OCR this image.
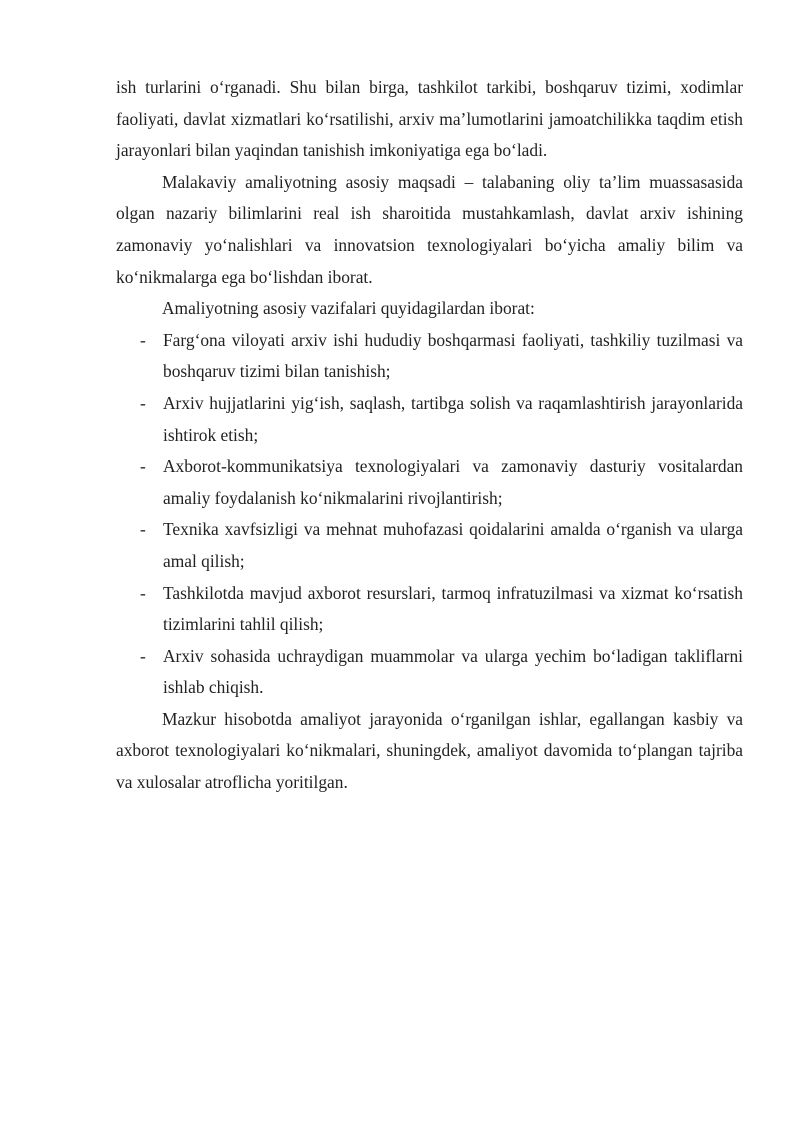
ish turlarini o‘rganadi. Shu bilan birga, tashkilot tarkibi, boshqaruv tizimi, xodimlar faoliyati, davlat xizmatlari ko‘rsatilishi, arxiv ma’lumotlarini jamoatchilikka taqdim etish jarayonlari bilan yaqindan tanishish imkoniyatiga ega bo‘ladi.

Malakaviy amaliyotning asosiy maqsadi – talabaning oliy ta’lim muassasasida olgan nazariy bilimlarini real ish sharoitida mustahkamlash, davlat arxiv ishining zamonaviy yo‘nalishlari va innovatsion texnologiyalari bo‘yicha amaliy bilim va ko‘nikmalarga ega bo‘lishdan iborat.

Amaliyotning asosiy vazifalari quyidagilardan iborat:

- Farg‘ona viloyati arxiv ishi hududiy boshqarmasi faoliyati, tashkiliy tuzilmasi va boshqaruv tizimi bilan tanishish;
- Arxiv hujjatlarini yig‘ish, saqlash, tartibga solish va raqamlashtirish jarayonlarida ishtirok etish;
- Axborot-kommunikatsiya texnologiyalari va zamonaviy dasturiy vositalardan amaliy foydalanish ko‘nikmalarini rivojlantirish;
- Texnika xavfsizligi va mehnat muhofazasi qoidalarini amalda o‘rganish va ularga amal qilish;
- Tashkilotda mavjud axborot resurslari, tarmoq infratuzilmasi va xizmat ko‘rsatish tizimlarini tahlil qilish;
- Arxiv sohasida uchraydigan muammolar va ularga yechim bo‘ladigan takliflarni ishlab chiqish.

Mazkur hisobotda amaliyot jarayonida o‘rganilgan ishlar, egallangan kasbiy va axborot texnologiyalari ko‘nikmalari, shuningdek, amaliyot davomida to‘plangan tajriba va xulosalar atroflicha yoritilgan.
